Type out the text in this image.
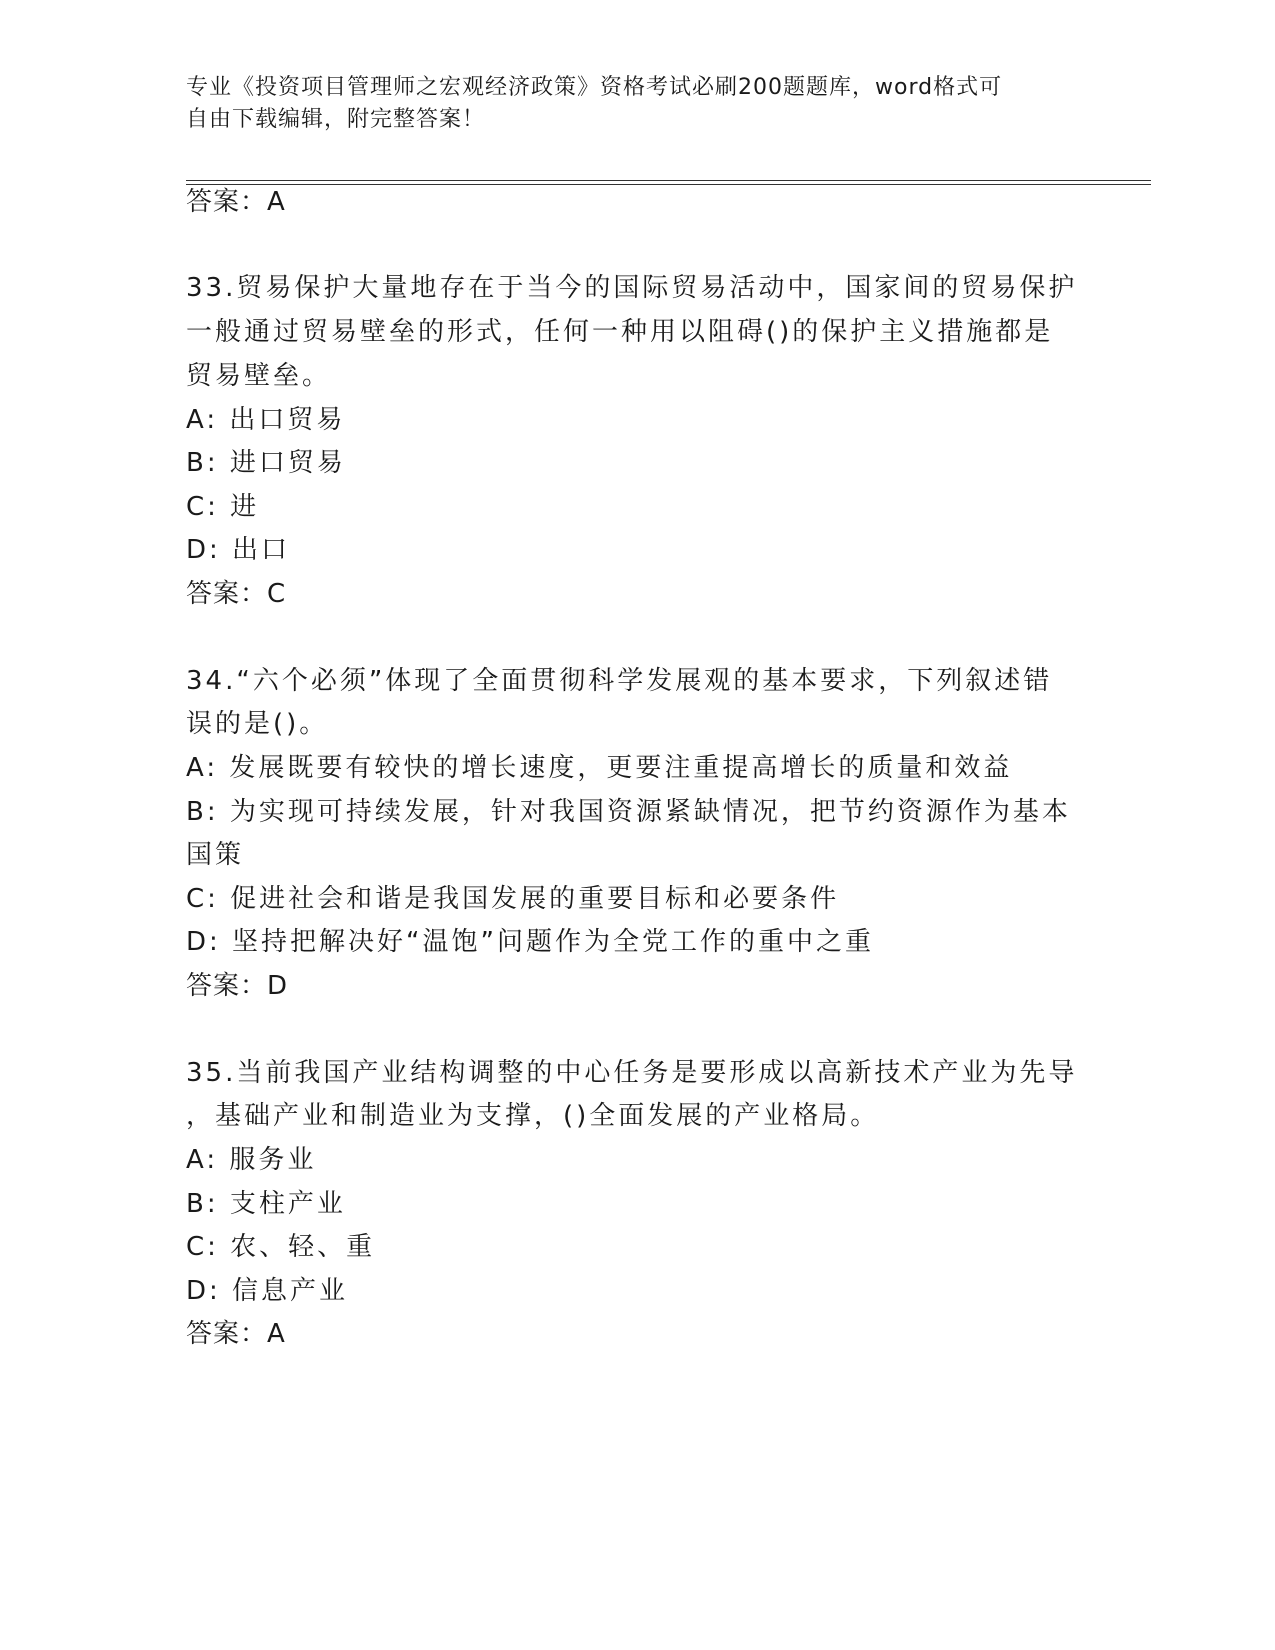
专业《投资项目管理师之宏观经济政策》资格考试必刷200题题库，word格式可
自由下载编辑，附完整答案！
答案：A
33.贸易保护大量地存在于当今的国际贸易活动中，国家间的贸易保护
一般通过贸易壁垒的形式，任何一种用以阻碍()的保护主义措施都是
贸易壁垒。
A: 出口贸易
B: 进口贸易
C: 进
D: 出口
答案：C
34.“六个必须”体现了全面贯彻科学发展观的基本要求，下列叙述错
误的是()。
A: 发展既要有较快的增长速度，更要注重提高增长的质量和效益
B: 为实现可持续发展，针对我国资源紧缺情况，把节约资源作为基本
国策
C: 促进社会和谐是我国发展的重要目标和必要条件
D: 坚持把解决好“温饱”问题作为全党工作的重中之重
答案：D
35.当前我国产业结构调整的中心任务是要形成以高新技术产业为先导
，基础产业和制造业为支撑，()全面发展的产业格局。
A: 服务业
B: 支柱产业
C: 农、轻、重
D: 信息产业
答案：A
